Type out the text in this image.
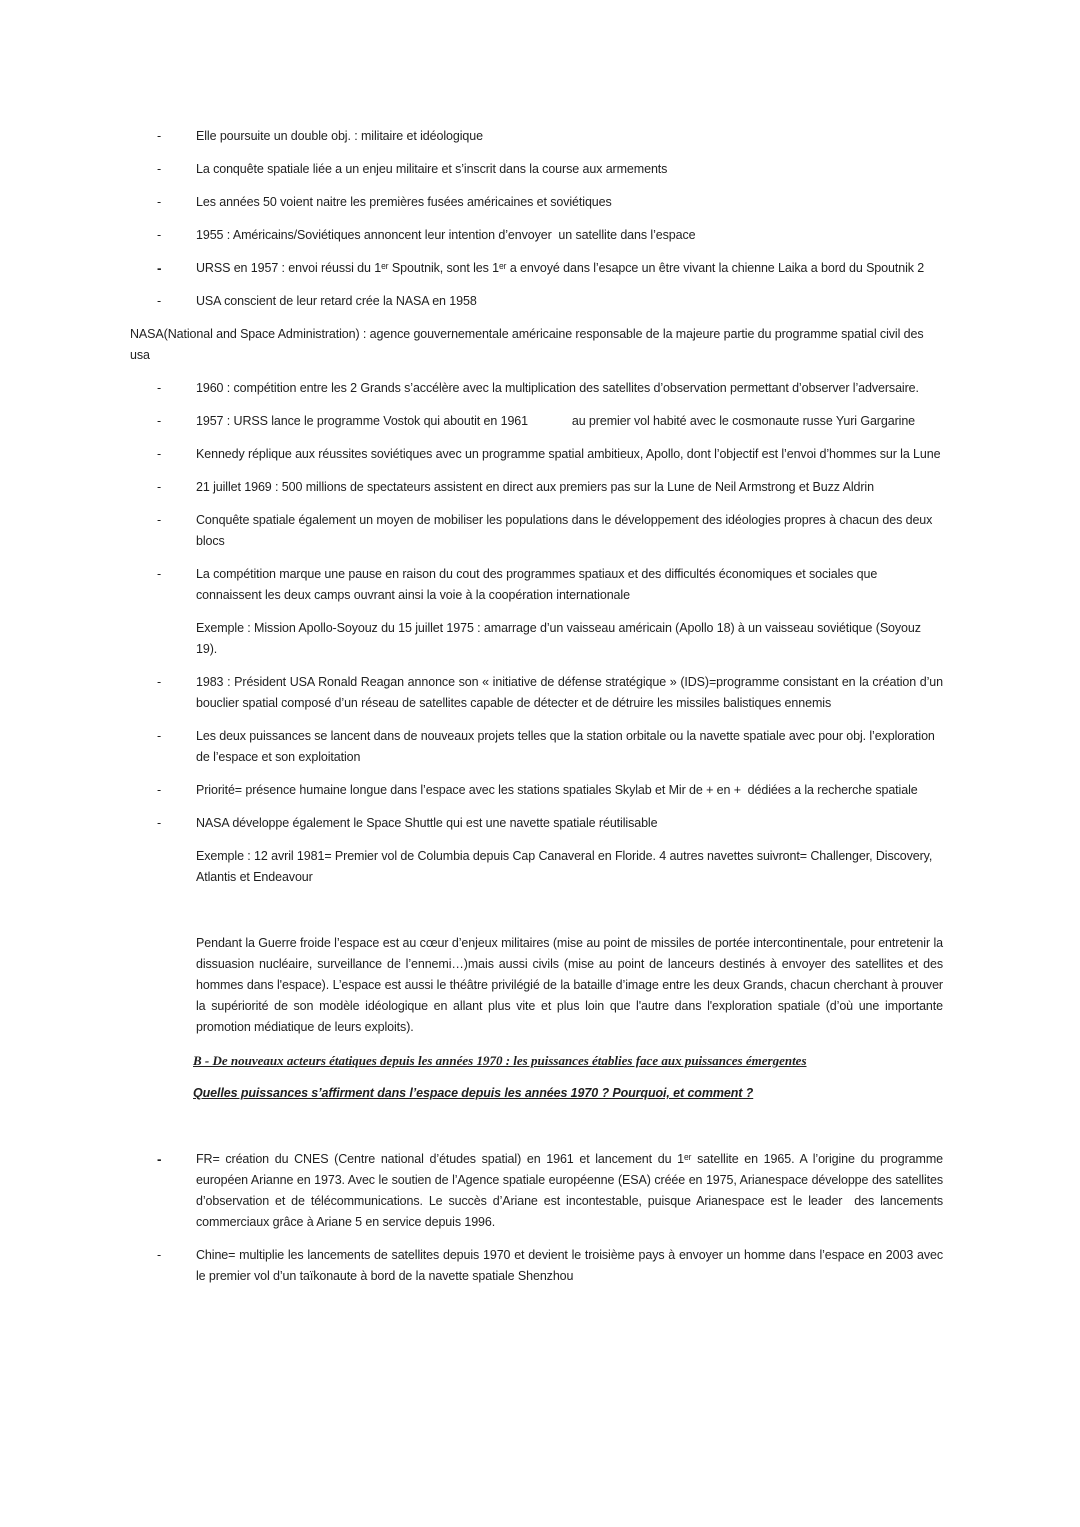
-	Elle poursuite un double obj. : militaire et idéologique
-	La conquête spatiale liée a un enjeu militaire et s’inscrit dans la course aux armements
-	Les années 50 voient naitre les premières fusées américaines et soviétiques
-	1955 : Américains/Soviétiques annoncent leur intention d’envoyer  un satellite dans l’espace
-	URSS en 1957 : envoi réussi du 1ᵉʳ Spoutnik, sont les 1ᵉʳ a envoyé dans l’esapce un être vivant la chienne Laika a bord du Spoutnik 2
-	USA conscient de leur retard crée la NASA en 1958
NASA(National and Space Administration) : agence gouvernementale américaine responsable de la majeure partie du programme spatial civil des usa
-	1960 : compétition entre les 2 Grands s’accélère avec la multiplication des satellites d’observation permettant d’observer l’adversaire.
-	1957 : URSS lance le programme Vostok qui aboutit en 1961             au premier vol habité avec le cosmonaute russe Yuri Gargarine
-	Kennedy réplique aux réussites soviétiques avec un programme spatial ambitieux, Apollo, dont l’objectif est l’envoi d’hommes sur la Lune
-	21 juillet 1969 : 500 millions de spectateurs assistent en direct aux premiers pas sur la Lune de Neil Armstrong et Buzz Aldrin
-	Conquête spatiale également un moyen de mobiliser les populations dans le développement des idéologies propres à chacun des deux blocs
-	La compétition marque une pause en raison du cout des programmes spatiaux et des difficultés économiques et sociales que connaissent les deux camps ouvrant ainsi la voie à la coopération internationale
Exemple : Mission Apollo-Soyouz du 15 juillet 1975 : amarrage d’un vaisseau américain (Apollo 18) à un vaisseau soviétique (Soyouz 19).
-	1983 : Président USA Ronald Reagan annonce son « initiative de défense stratégique » (IDS)=programme consistant en la création d’un bouclier spatial composé d’un réseau de satellites capable de détecter et de détruire les missiles balistiques ennemis
-	Les deux puissances se lancent dans de nouveaux projets telles que la station orbitale ou la navette spatiale avec pour obj. l’exploration de l’espace et son exploitation
-	Priorité= présence humaine longue dans l’espace avec les stations spatiales Skylab et Mir de + en +  dédiées a la recherche spatiale
-	NASA développe également le Space Shuttle qui est une navette spatiale réutilisable
Exemple : 12 avril 1981= Premier vol de Columbia depuis Cap Canaveral en Floride. 4 autres navettes suivront= Challenger, Discovery, Atlantis et Endeavour
Pendant la Guerre froide l’espace est au cœur d’enjeux militaires (mise au point de missiles de portée intercontinentale, pour entretenir la dissuasion nucléaire, surveillance de l’ennemi…)mais aussi civils (mise au point de lanceurs destinés à envoyer des satellites et des hommes dans l'espace). L’espace est aussi le théâtre privilégié de la bataille d’image entre les deux Grands, chacun cherchant à prouver la supériorité de son modèle idéologique en allant plus vite et plus loin que l'autre dans l'exploration spatiale (d’où une importante promotion médiatique de leurs exploits).
B - De nouveaux acteurs étatiques depuis les années 1970 : les puissances établies face aux puissances émergentes
Quelles puissances s’affirment dans l’espace depuis les années 1970 ? Pourquoi, et comment ?
-	FR= création du CNES (Centre national d’études spatial) en 1961 et lancement du 1ᵉʳ satellite en 1965. A l’origine du programme européen Arianne en 1973. Avec le soutien de l’Agence spatiale européenne (ESA) créée en 1975, Arianespace développe des satellites d’observation et de télécommunications. Le succès d’Ariane est incontestable, puisque Arianespace est le leader  des lancements commerciaux grâce à Ariane 5 en service depuis 1996.
-	Chine= multiplie les lancements de satellites depuis 1970 et devient le troisième pays à envoyer un homme dans l’espace en 2003 avec le premier vol d’un taïkonaute à bord de la navette spatiale Shenzhou
